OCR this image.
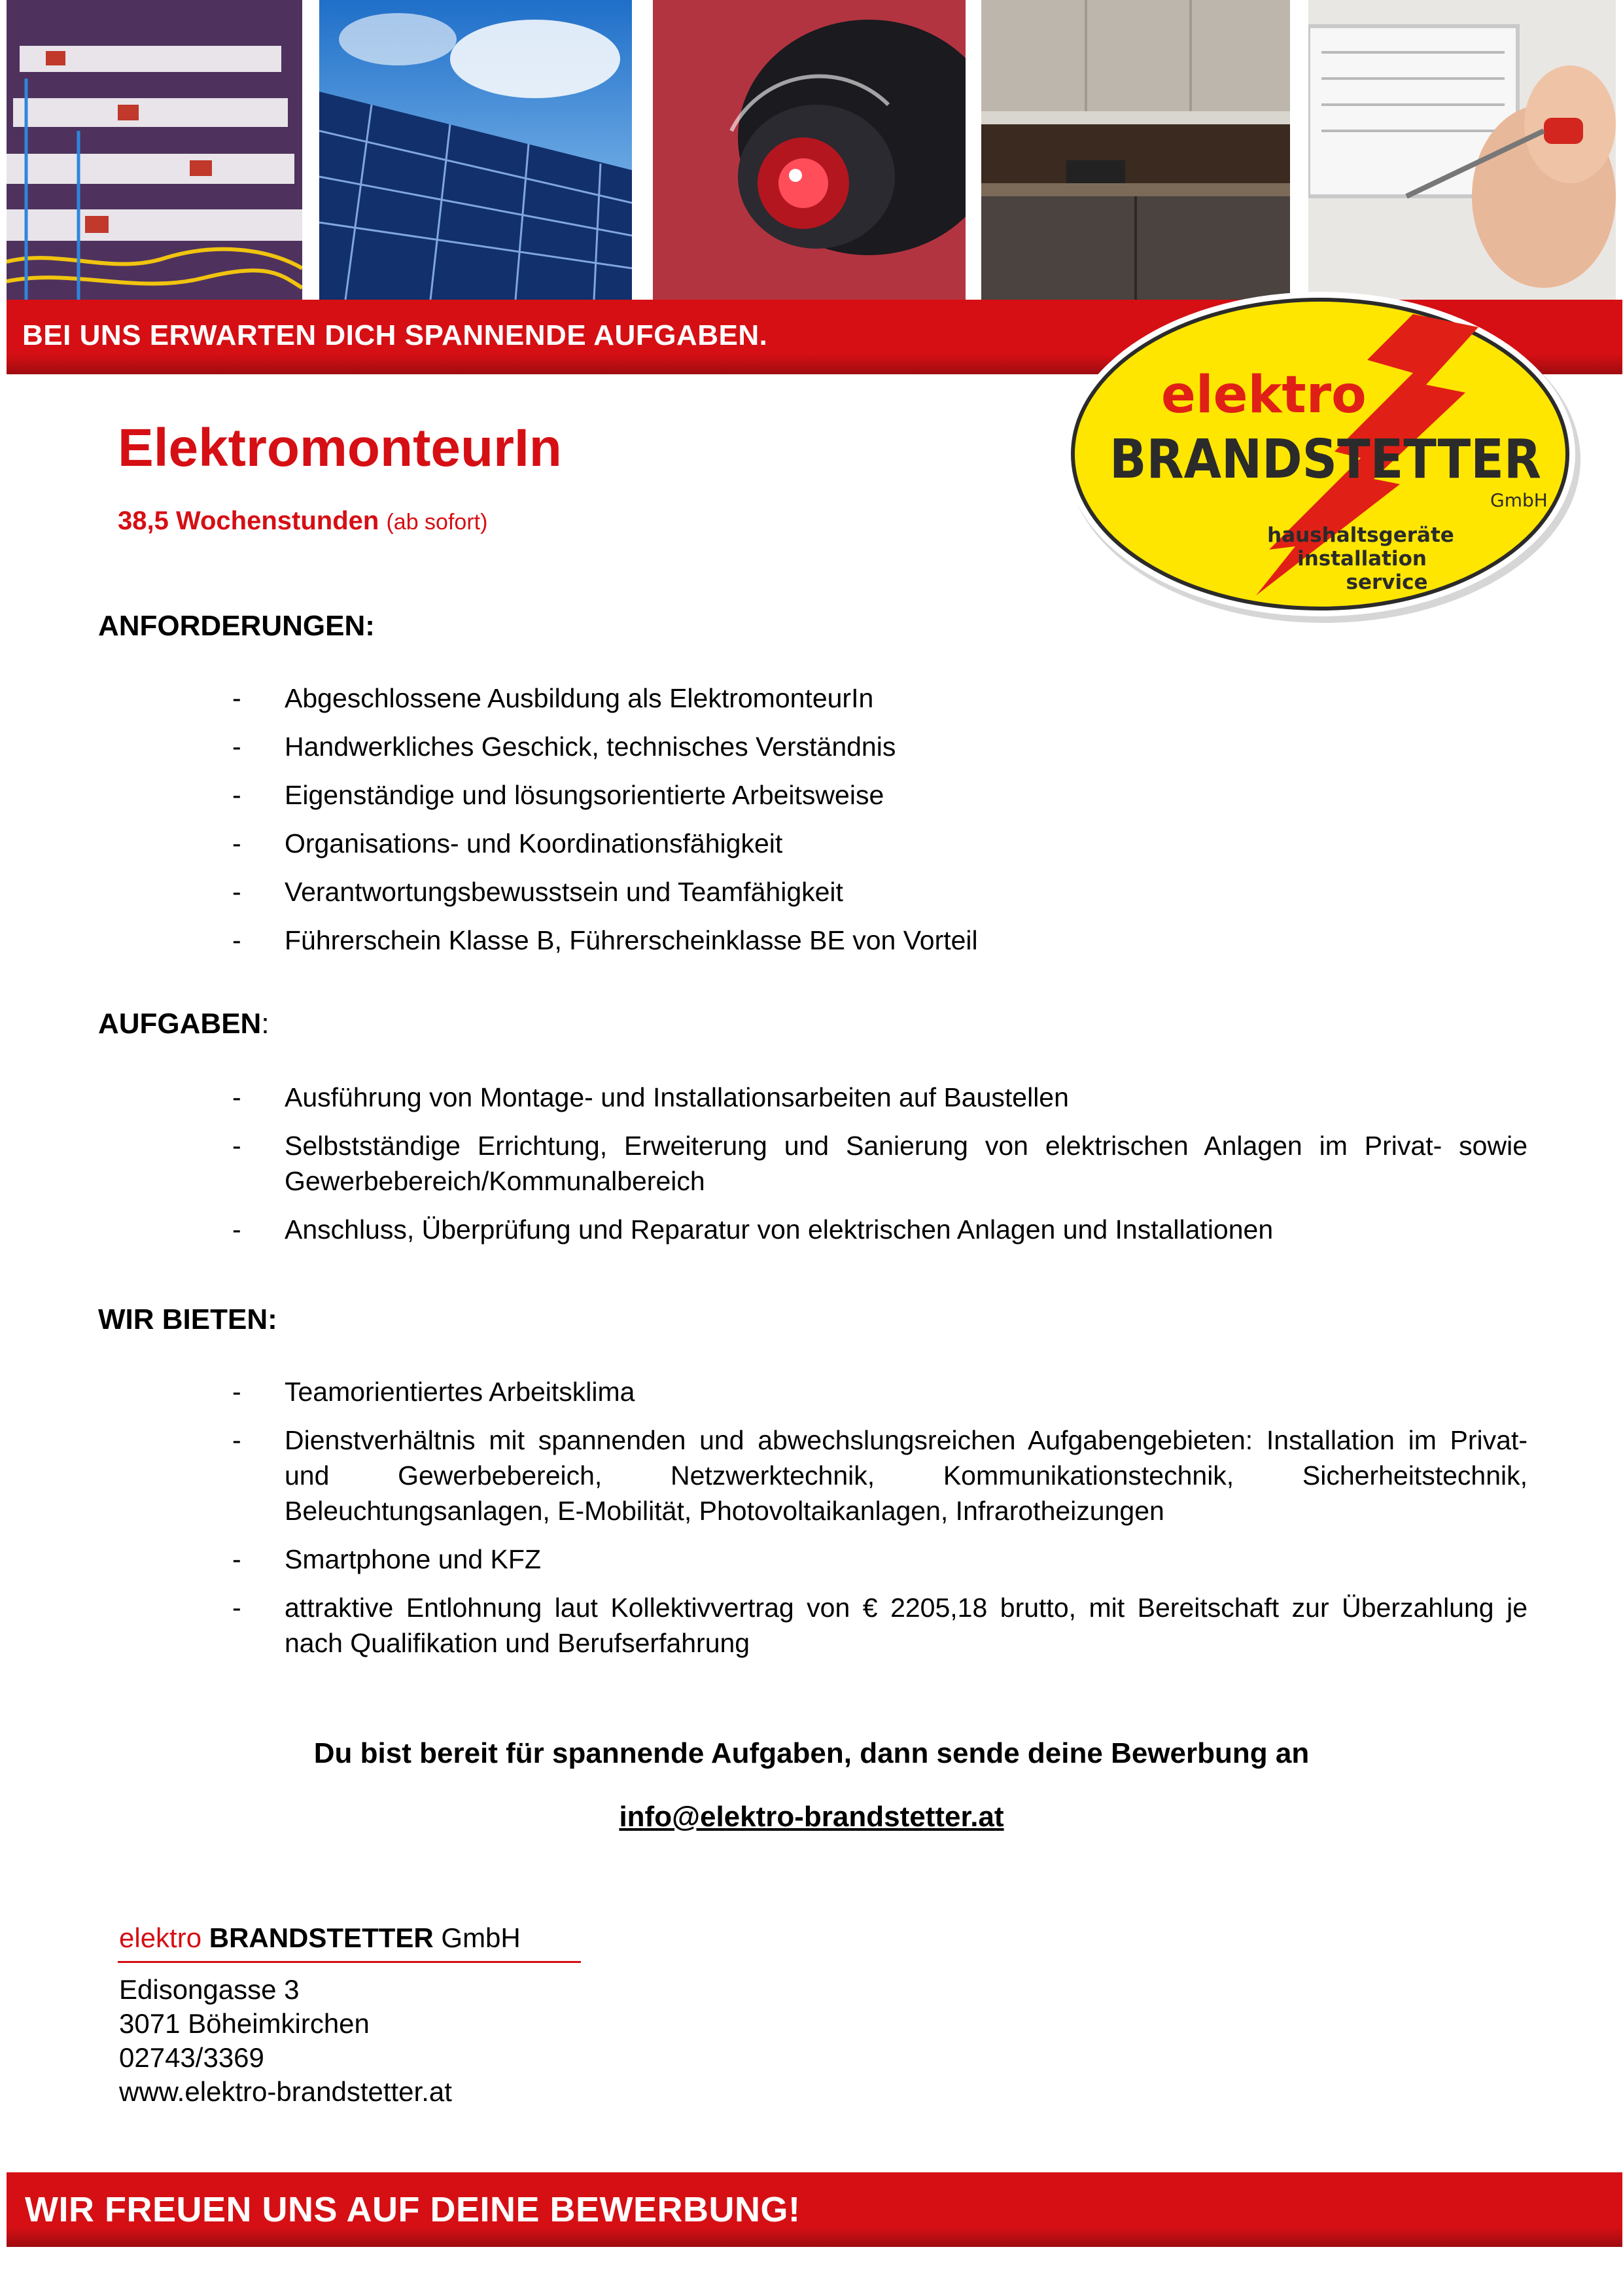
BEI UNS ERWARTEN DICH SPANNENDE AUFGABEN.
elektro
BRANDSTETTER
GmbH
haushaltsgeräte
installation
service
ElektromonteurIn
38,5 Wochenstunden (ab sofort)
ANFORDERUNGEN:
- Abgeschlossene Ausbildung als ElektromonteurIn
- Handwerkliches Geschick, technisches Verständnis
- Eigenständige und lösungsorientierte Arbeitsweise
- Organisations- und Koordinationsfähigkeit
- Verantwortungsbewusstsein und Teamfähigkeit
- Führerschein Klasse B, Führerscheinklasse BE von Vorteil
AUFGABEN:
- Ausführung von Montage- und Installationsarbeiten auf Baustellen
- Selbstständige Errichtung, Erweiterung und Sanierung von elektrischen Anlagen im Privat- sowie Gewerbebereich/Kommunalbereich
- Anschluss, Überprüfung und Reparatur von elektrischen Anlagen und Installationen
WIR BIETEN:
- Teamorientiertes Arbeitsklima
- Dienstverhältnis mit spannenden und abwechslungsreichen Aufgabengebieten: Installation im Privat- und Gewerbebereich, Netzwerktechnik, Kommunikationstechnik, Sicherheitstechnik, Beleuchtungsanlagen, E-Mobilität, Photovoltaikanlagen, Infrarotheizungen
- Smartphone und KFZ
- attraktive Entlohnung laut Kollektivvertrag von € 2205,18 brutto, mit Bereitschaft zur Überzahlung je nach Qualifikation und Berufserfahrung
Du bist bereit für spannende Aufgaben, dann sende deine Bewerbung an
info@elektro-brandstetter.at
elektro BRANDSTETTER GmbH
Edisongasse 3
3071 Böheimkirchen
02743/3369
www.elektro-brandstetter.at
WIR FREUEN UNS AUF DEINE BEWERBUNG!
